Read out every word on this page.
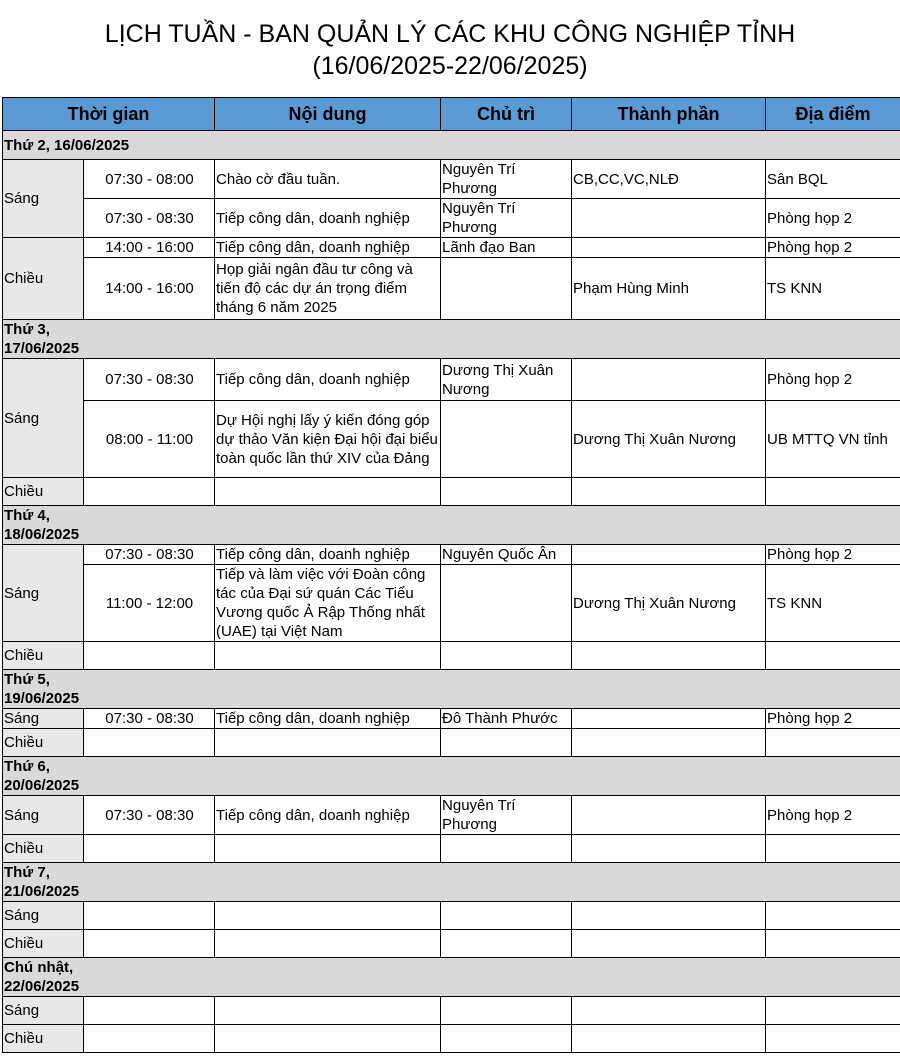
LỊCH TUẦN - BAN QUẢN LÝ CÁC KHU CÔNG NGHIỆP TỈNH
(16/06/2025-22/06/2025)
Thời gian		Nội dung	Chủ trì	Thành phần	Địa điểm
Thứ 2, 16/06/2025					
Sáng	07:30 - 08:00	Chào cờ đầu tuần.	Nguyên Trí Phương	CB,CC,VC,NLĐ	Sân BQL
	07:30 - 08:30	Tiếp công dân, doanh nghiệp	Nguyên Trí Phương		Phòng họp 2
Chiều	14:00 - 16:00	Tiếp công dân, doanh nghiệp	Lãnh đạo Ban		Phòng họp 2
	14:00 - 16:00	Họp giải ngân đầu tư công và tiến độ các dự án trọng điểm tháng 6 năm 2025		Phạm Hùng Minh	TS KNN
Thứ 3, 17/06/2025					
Sáng	07:30 - 08:30	Tiếp công dân, doanh nghiệp	Dương Thị Xuân Nương		Phòng họp 2
	08:00 - 11:00	Dự Hội nghị lấy ý kiến đóng góp dự thảo Văn kiện Đại hội đại biểu toàn quốc lần thứ XIV của Đảng		Dương Thị Xuân Nương	UB MTTQ VN tỉnh
Chiều					
Thứ 4, 18/06/2025					
Sáng	07:30 - 08:30	Tiếp công dân, doanh nghiệp	Nguyên Quốc Ân		Phòng họp 2
	11:00 - 12:00	Tiếp và làm việc với Đoàn công tác của Đại sứ quán Các Tiểu Vương quốc Ả Rập Thống nhất (UAE) tại Việt Nam		Dương Thị Xuân Nương	TS KNN
Chiều					
Thứ 5, 19/06/2025					
Sáng	07:30 - 08:30	Tiếp công dân, doanh nghiệp	Đô Thành Phước		Phòng họp 2
Chiều					
Thứ 6, 20/06/2025					
Sáng	07:30 - 08:30	Tiếp công dân, doanh nghiệp	Nguyên Trí Phương		Phòng họp 2
Chiều					
Thứ 7, 21/06/2025					
Sáng					
Chiều					
Chú nhật, 22/06/2025					
Sáng					
Chiều					
